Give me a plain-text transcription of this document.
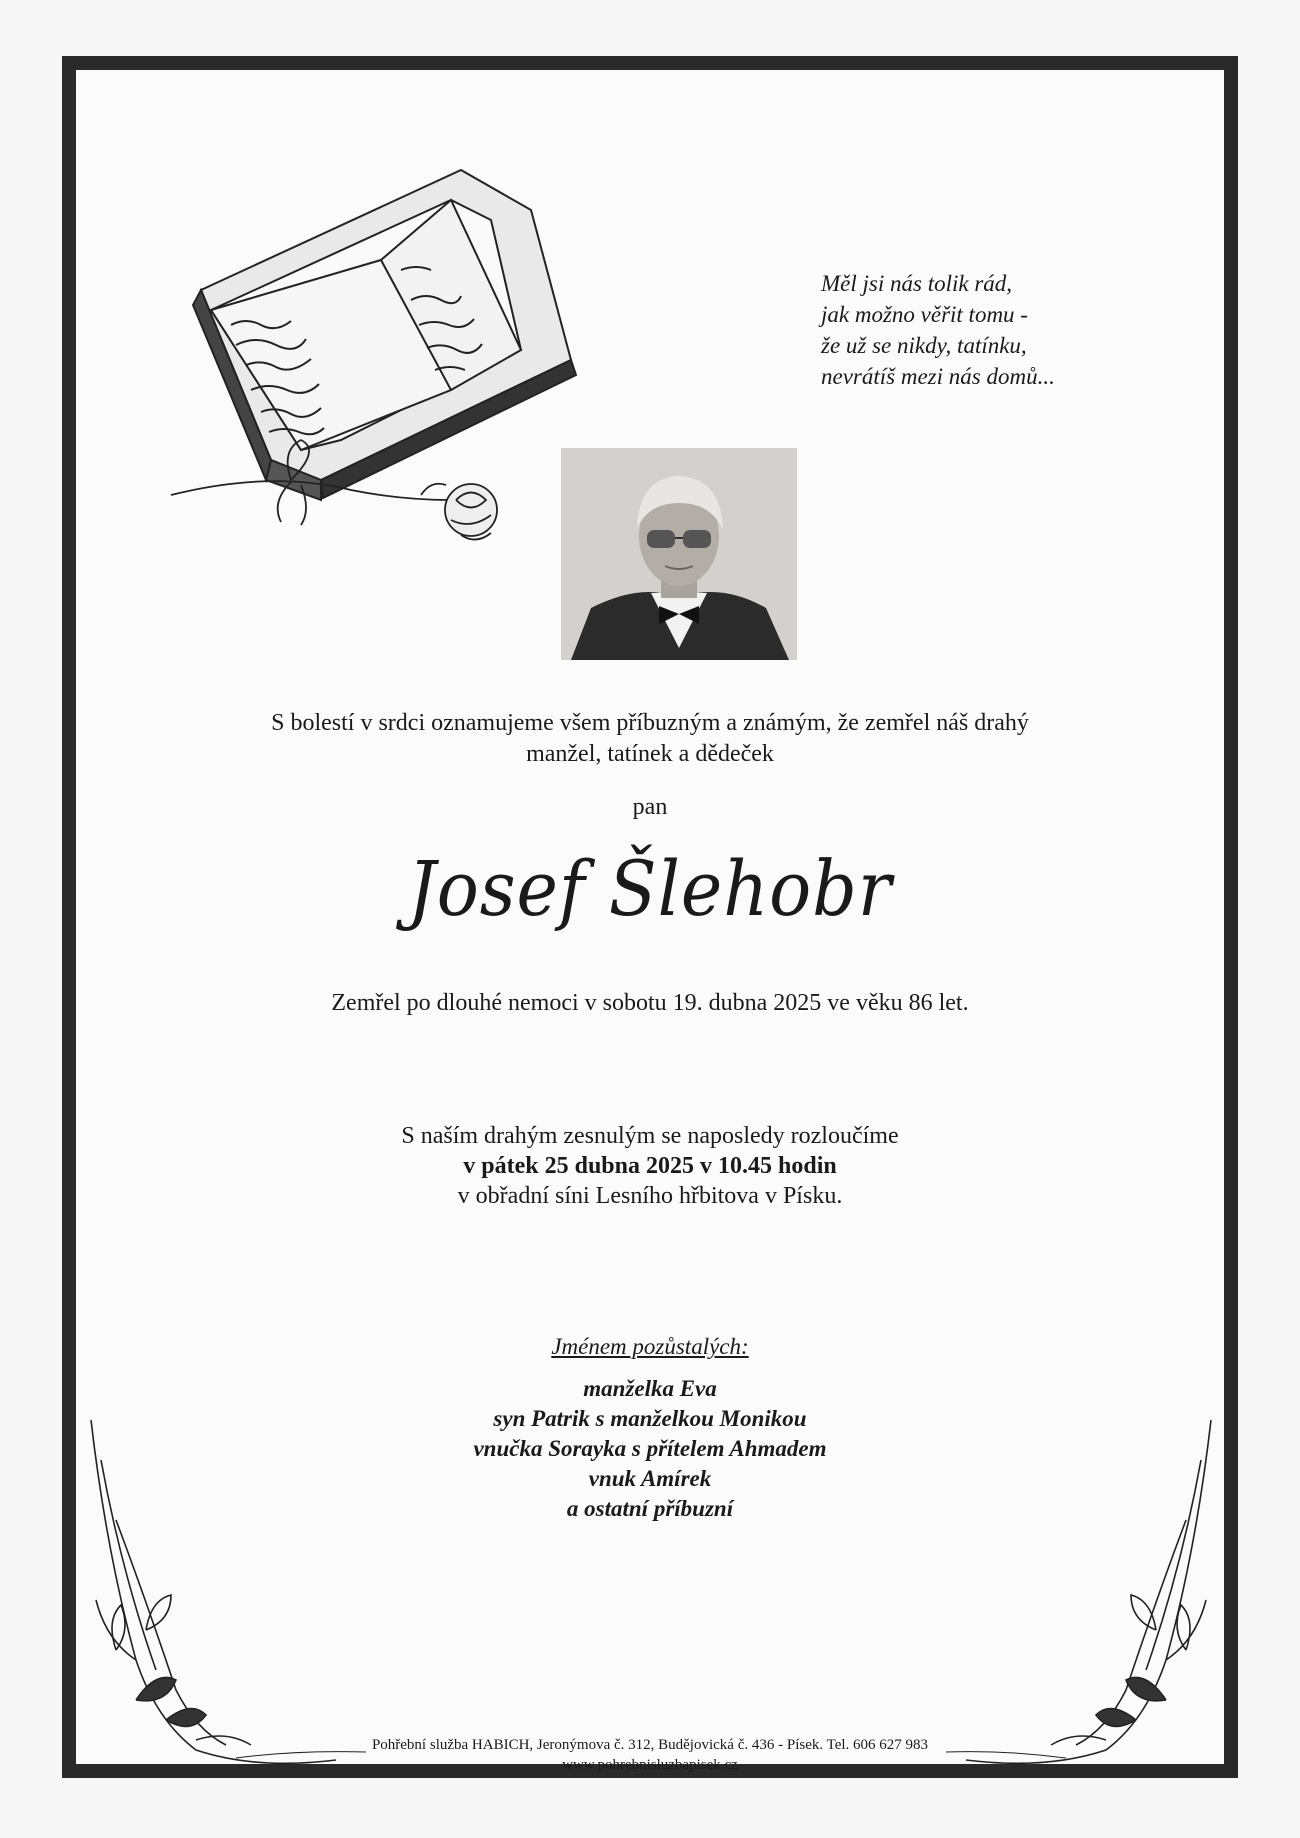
Měl jsi nás tolik rád,
jak možno věřit tomu -
že už se nikdy, tatínku,
nevrátíš mezi nás domů...
S bolestí v srdci oznamujeme všem příbuzným a známým, že zemřel náš drahý
manžel, tatínek a dědeček
pan
Josef Šlehobr
Zemřel po dlouhé nemoci v sobotu 19. dubna 2025 ve věku 86 let.
S naším drahým zesnulým se naposledy rozloučíme
v pátek 25 dubna 2025 v 10.45 hodin
v obřadní síni Lesního hřbitova v Písku.
Jménem pozůstalých:
manželka Eva
syn Patrik s manželkou Monikou
vnučka Sorayka s přítelem Ahmadem
vnuk Amírek
a ostatní příbuzní
Pohřební služba HABICH, Jeronýmova č. 312, Budějovická č. 436 - Písek. Tel. 606 627 983
www.pohrebnisluzbapisek.cz
